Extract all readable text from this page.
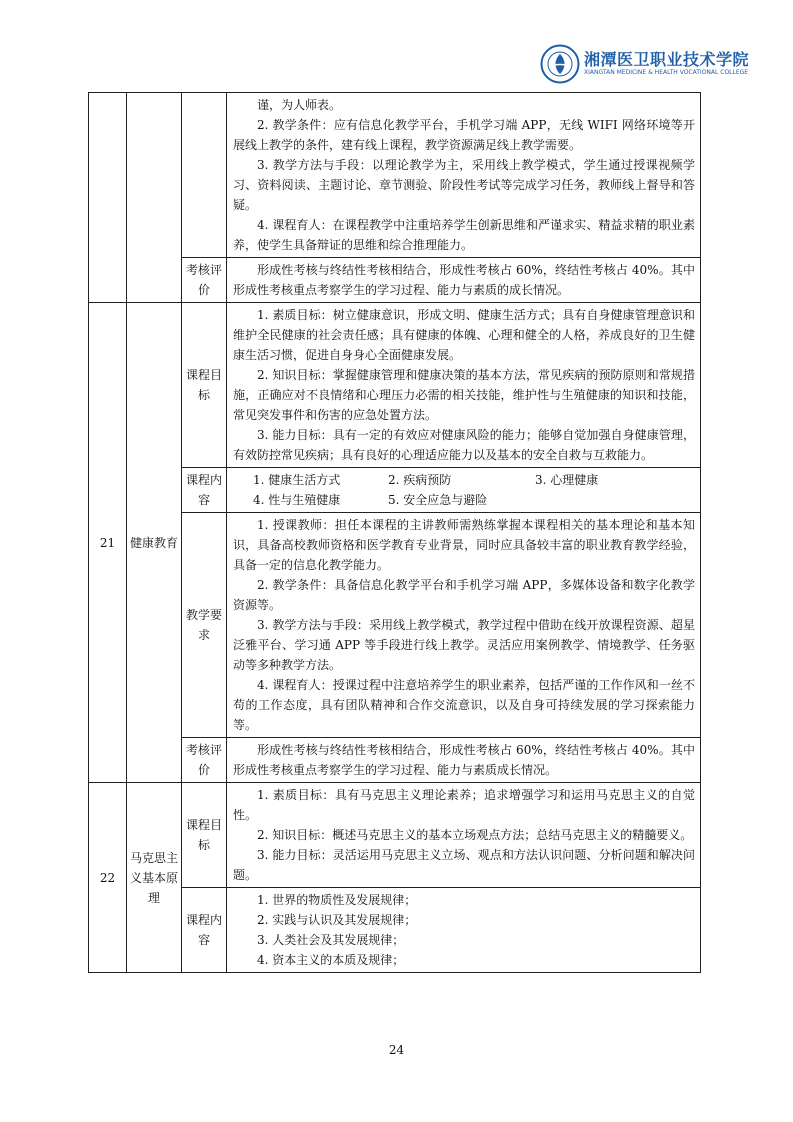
湘潭医卫职业技术学院
XIANGTAN MEDICINE & HEALTH VOCATIONAL COLLEGE

			谨，为人师表。

2. 教学条件：应有信息化教学平台，手机学习端 APP，无线 WIFI 网络环境等开展线上教学的条件，建有线上课程，教学资源满足线上教学需要。

3. 教学方法与手段：以理论教学为主，采用线上教学模式，学生通过授课视频学习、资料阅读、主题讨论、章节测验、阶段性考试等完成学习任务，教师线上督导和答疑。

4. 课程育人：在课程教学中注重培养学生创新思维和严谨求实、精益求精的职业素养，使学生具备辩证的思维和综合推理能力。

		考核评价	形成性考核与终结性考核相结合，形成性考核占 60%，终结性考核占 40%。其中形成性考核重点考察学生的学习过程、能力与素质的成长情况。

21	健康教育	课程目标	1. 素质目标：树立健康意识，形成文明、健康生活方式；具有自身健康管理意识和维护全民健康的社会责任感；具有健康的体魄、心理和健全的人格，养成良好的卫生健康生活习惯，促进自身身心全面健康发展。

2. 知识目标：掌握健康管理和健康决策的基本方法，常见疾病的预防原则和常规措施，正确应对不良情绪和心理压力必需的相关技能，维护性与生殖健康的知识和技能，常见突发事件和伤害的应急处置方法。

3. 能力目标：具有一定的有效应对健康风险的能力；能够自觉加强自身健康管理，有效防控常见疾病；具有良好的心理适应能力以及基本的安全自救与互救能力。

		课程内容	1. 健康生活方式 2. 疾病预防 3. 心理健康
4. 性与生殖健康 5. 安全应急与避险

		教学要求	1. 授课教师：担任本课程的主讲教师需熟练掌握本课程相关的基本理论和基本知识，具备高校教师资格和医学教育专业背景，同时应具备较丰富的职业教育教学经验，具备一定的信息化教学能力。

2. 教学条件：具备信息化教学平台和手机学习端 APP，多媒体设备和数字化教学资源等。

3. 教学方法与手段：采用线上教学模式，教学过程中借助在线开放课程资源、超星泛雅平台、学习通 APP 等手段进行线上教学。灵活应用案例教学、情境教学、任务驱动等多种教学方法。

4. 课程育人：授课过程中注意培养学生的职业素养，包括严谨的工作作风和一丝不苟的工作态度，具有团队精神和合作交流意识，以及自身可持续发展的学习探索能力等。

		考核评价	形成性考核与终结性考核相结合，形成性考核占 60%，终结性考核占 40%。其中形成性考核重点考察学生的学习过程、能力与素质成长情况。

22	马克思主义基本原理	课程目标	1. 素质目标：具有马克思主义理论素养；追求增强学习和运用马克思主义的自觉性。

2. 知识目标：概述马克思主义的基本立场观点方法；总结马克思主义的精髓要义。

3. 能力目标：灵活运用马克思主义立场、观点和方法认识问题、分析问题和解决问题。

		课程内容	1. 世界的物质性及发展规律；

2. 实践与认识及其发展规律；

3. 人类社会及其发展规律；

4. 资本主义的本质及规律；

24
